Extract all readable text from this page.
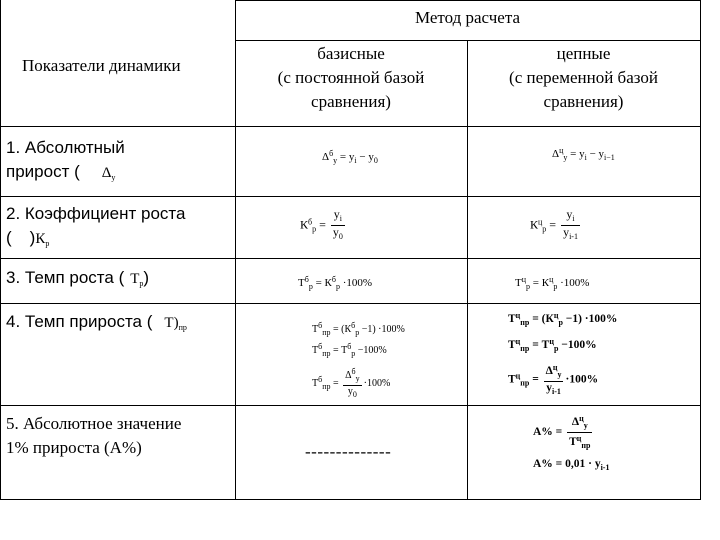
Метод расчета
Показатели динамики
базисные
(с постоянной базой
сравнения)
цепные
(с переменной базой
сравнения)
1. Абсолютный
прирост ( $\Delta_у$
2. Коэффициент роста
( )$К_р$
3. Темп роста ( $Т_р$)
4. Темп прироста ( $Т)_{пр}$
5. Абсолютное значение
1% прироста (А%)
$\Delta^б_у = у_i - у_0$
$\Delta^ц_у = у_i - у_{i-1}$
$К^б_р = \frac{у_i}{у_0}$	$К^ц_р = \frac{у_i}{у_{i-1}}$
$Т^б_р = К^б_р \cdot 100\%$	$Т^ц_р = К^ц_р \cdot 100\%$
$Т^б_{пр} = (К^б_р -1) \cdot 100\%$
$Т^б_{пр} = Т^б_р -100\%$
$Т^б_{пр} = \frac{\Delta^б_у}{у_0} \cdot 100\%$
$Т^ц_{пр} = (К^ц_р -1) \cdot 100\%$
$Т^ц_{пр} = Т^ц_р -100\%$
$Т^ц_{пр} = \frac{\Delta^ц_у}{у_{i-1}} \cdot 100\%$
--------------
$А\% = \frac{\Delta^ц_у}{Т^ц_{пр}}$
$А\% = 0,01 \cdot у_{i-1}$
